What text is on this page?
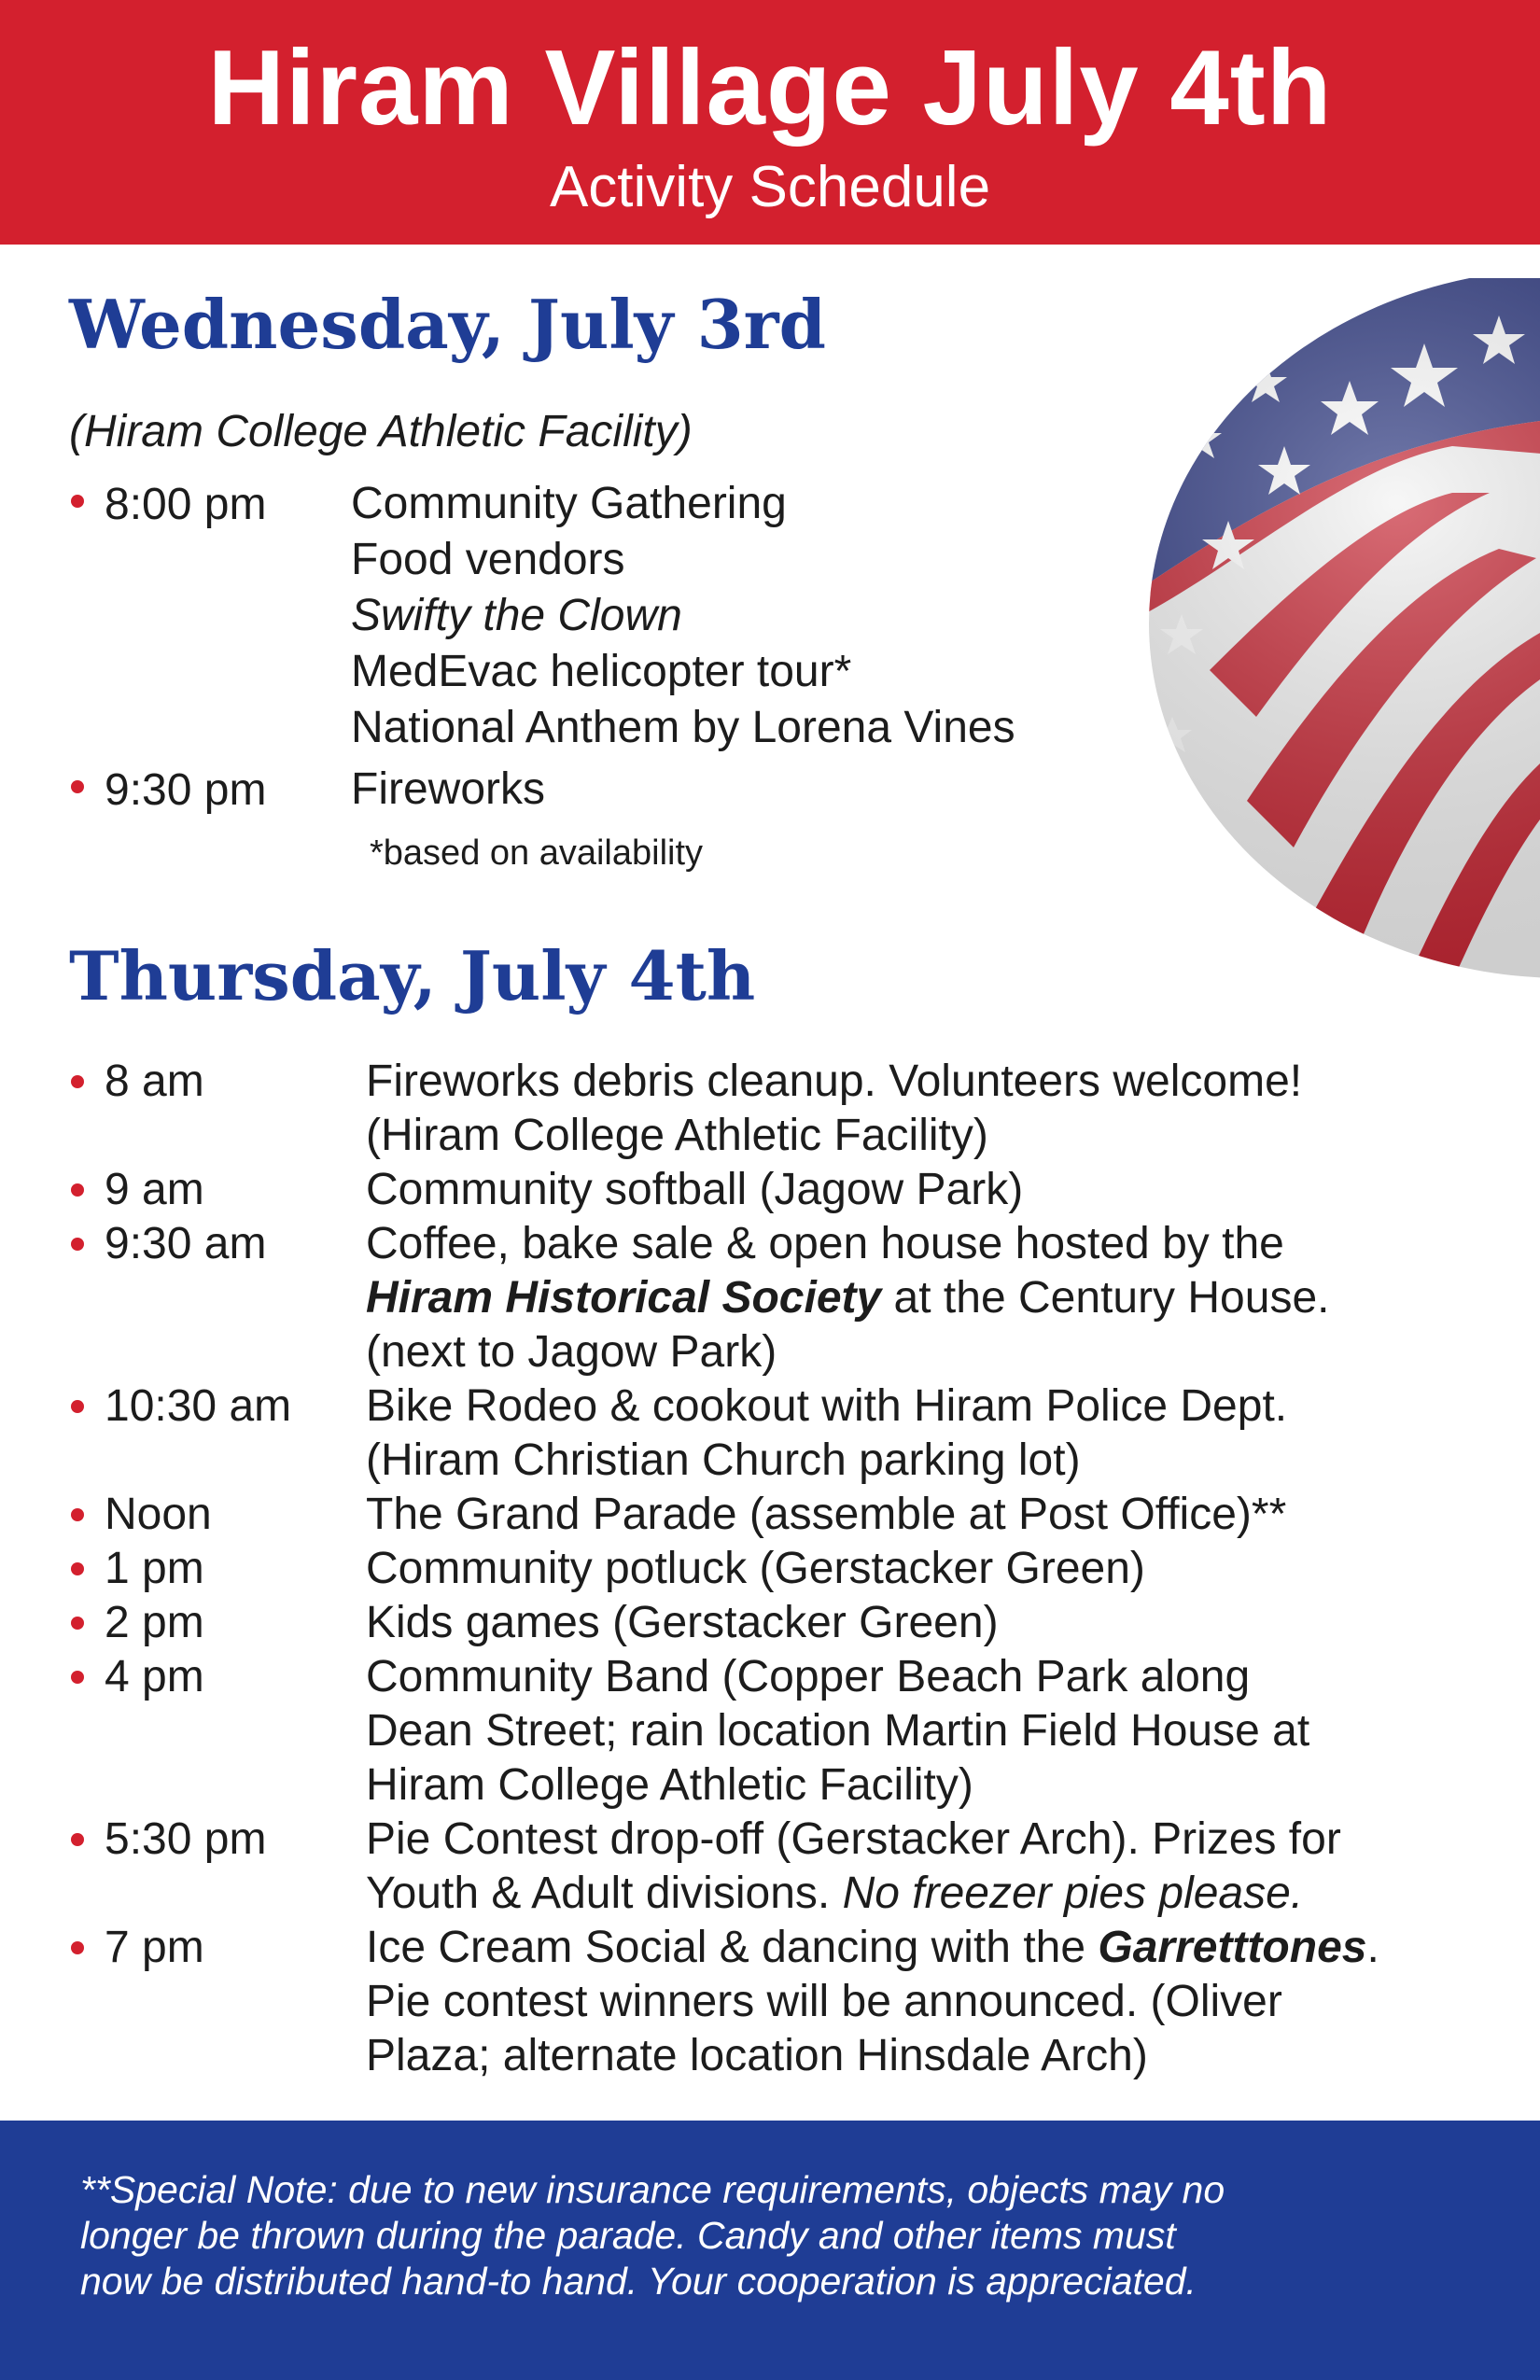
Hiram Village July 4th
Activity Schedule
Wednesday, July 3rd
(Hiram College Athletic Facility)
8:00 pm Community Gathering
Food vendors
Swifty the Clown
MedEvac helicopter tour*
National Anthem by Lorena Vines
9:30 pm Fireworks
*based on availability
Thursday, July 4th
8 am	Fireworks debris cleanup. Volunteers welcome!
(Hiram College Athletic Facility)
9 am	Community softball (Jagow Park)
9:30 am Coffee, bake sale & open house hosted by the
Hiram Historical Society at the Century House.
(next to Jagow Park)
10:30 am Bike Rodeo & cookout with Hiram Police Dept.
(Hiram Christian Church parking lot)
Noon	The Grand Parade (assemble at Post Office)**
1 pm	Community potluck (Gerstacker Green)
2 pm	Kids games (Gerstacker Green)
4 pm	Community Band (Copper Beach Park along
Dean Street; rain location Martin Field House at
Hiram College Athletic Facility)
5:30 pm Pie Contest drop-off (Gerstacker Arch). Prizes for
Youth & Adult divisions. No freezer pies please.
7 pm	Ice Cream Social & dancing with the Garretttones.
Pie contest winners will be announced. (Oliver
Plaza; alternate location Hinsdale Arch)
**Special Note: due to new insurance requirements, objects may no
longer be thrown during the parade. Candy and other items must
now be distributed hand-to hand. Your cooperation is appreciated.
